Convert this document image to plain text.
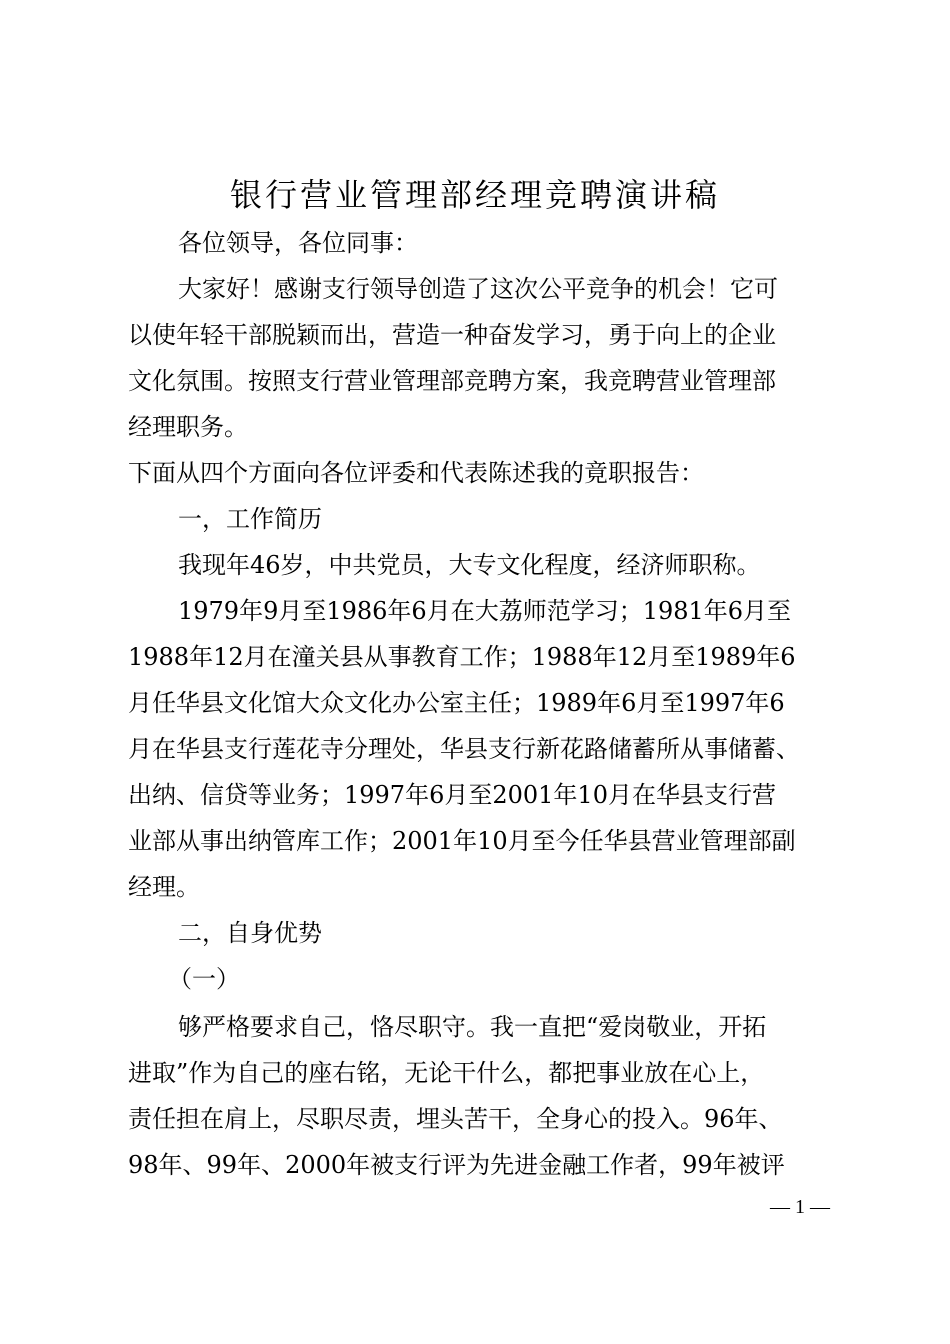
银行营业管理部经理竞聘演讲稿
各位领导，各位同事：
大家好！感谢支行领导创造了这次公平竞争的机会！它可
以使年轻干部脱颖而出，营造一种奋发学习，勇于向上的企业
文化氛围。按照支行营业管理部竞聘方案，我竞聘营业管理部
经理职务。
下面从四个方面向各位评委和代表陈述我的竟职报告：
一，工作简历
我现年46岁，中共党员，大专文化程度，经济师职称。
1979年9月至1986年6月在大荔师范学习；1981年6月至
1988年12月在潼关县从事教育工作；1988年12月至1989年6
月任华县文化馆大众文化办公室主任；1989年6月至1997年6
月在华县支行莲花寺分理处，华县支行新花路储蓄所从事储蓄、
出纳、信贷等业务；1997年6月至2001年10月在华县支行营
业部从事出纳管库工作；2001年10月至今任华县营业管理部副
经理。
二，自身优势
（一）
够严格要求自己，恪尽职守。我一直把“爱岗敬业，开拓
进取”作为自己的座右铭，无论干什么，都把事业放在心上，
责任担在肩上，尽职尽责，埋头苦干，全身心的投入。96年、
98年、99年、2000年被支行评为先进金融工作者，99年被评
— 1 —
